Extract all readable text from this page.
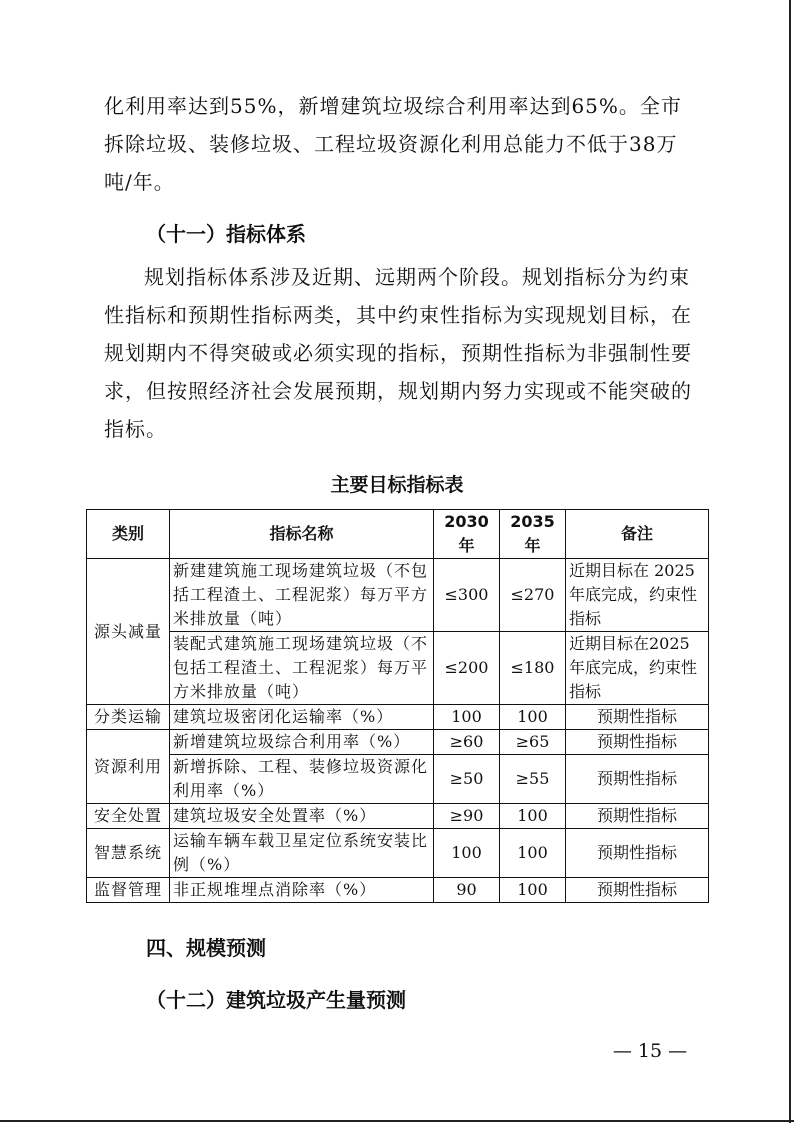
化利用率达到55%，新增建筑垃圾综合利用率达到65%。全市拆除垃圾、装修垃圾、工程垃圾资源化利用总能力不低于38万吨/年。

（十一）指标体系

规划指标体系涉及近期、远期两个阶段。规划指标分为约束性指标和预期性指标两类，其中约束性指标为实现规划目标，在规划期内不得突破或必须实现的指标，预期性指标为非强制性要求，但按照经济社会发展预期，规划期内努力实现或不能突破的指标。

主要目标指标表
类别	指标名称	2030 年	2035 年	备注
源头减量	新建建筑施工现场建筑垃圾（不包括工程渣土、工程泥浆）每万平方米排放量（吨）	≤300	≤270	近期目标在 2025 年底完成，约束性指标
	装配式建筑施工现场建筑垃圾（不包括工程渣土、工程泥浆）每万平方米排放量（吨）	≤200	≤180	近期目标在2025年底完成，约束性指标
分类运输	建筑垃圾密闭化运输率（%）	100	100	预期性指标
资源利用	新增建筑垃圾综合利用率（%）	≥60	≥65	预期性指标
	新增拆除、工程、装修垃圾资源化利用率（%）	≥50	≥55	预期性指标
安全处置	建筑垃圾安全处置率（%）	≥90	100	预期性指标
智慧系统	运输车辆车载卫星定位系统安装比例（%）	100	100	预期性指标
监督管理	非正规堆埋点消除率（%）	90	100	预期性指标
四、规模预测
（十二）建筑垃圾产生量预测
— 15 —
